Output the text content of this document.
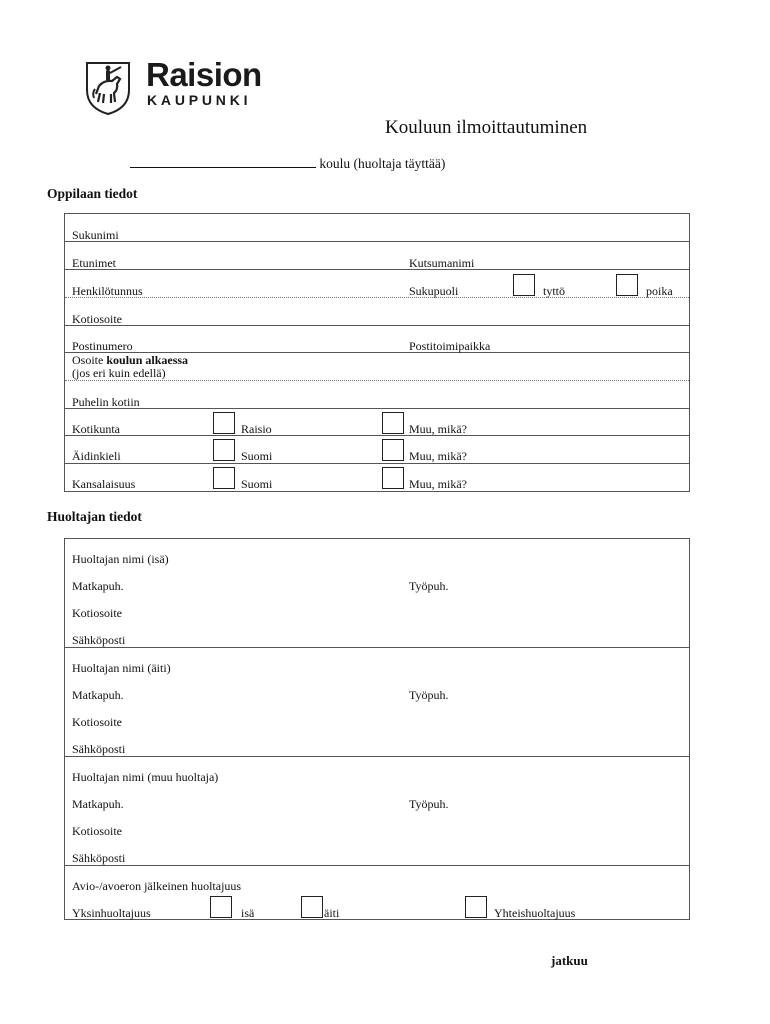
Raision
KAUPUNKI
Kouluun ilmoittautuminen
koulu (huoltaja täyttää)
Oppilaan tiedot
Sukunimi
Etunimet	Kutsumanimi
Henkilötunnus	Sukupuoli	tyttö	poika
Kotiosoite
Postinumero	Postitoimipaikka
Osoite koulun alkaessa
(jos eri kuin edellä)
Puhelin kotiin
Kotikunta	Raisio	Muu, mikä?
Äidinkieli	Suomi	Muu, mikä?
Kansalaisuus	Suomi	Muu, mikä?
Huoltajan tiedot
Huoltajan nimi (isä)
Matkapuh.	Työpuh.
Kotiosoite
Sähköposti
Huoltajan nimi (äiti)
Matkapuh.	Työpuh.
Kotiosoite
Sähköposti
Huoltajan nimi (muu huoltaja)
Matkapuh.	Työpuh.
Kotiosoite
Sähköposti
Avio-/avoeron jälkeinen huoltajuus
Yksinhuoltajuus	isä	äiti	Yhteishuoltajuus
jatkuu
